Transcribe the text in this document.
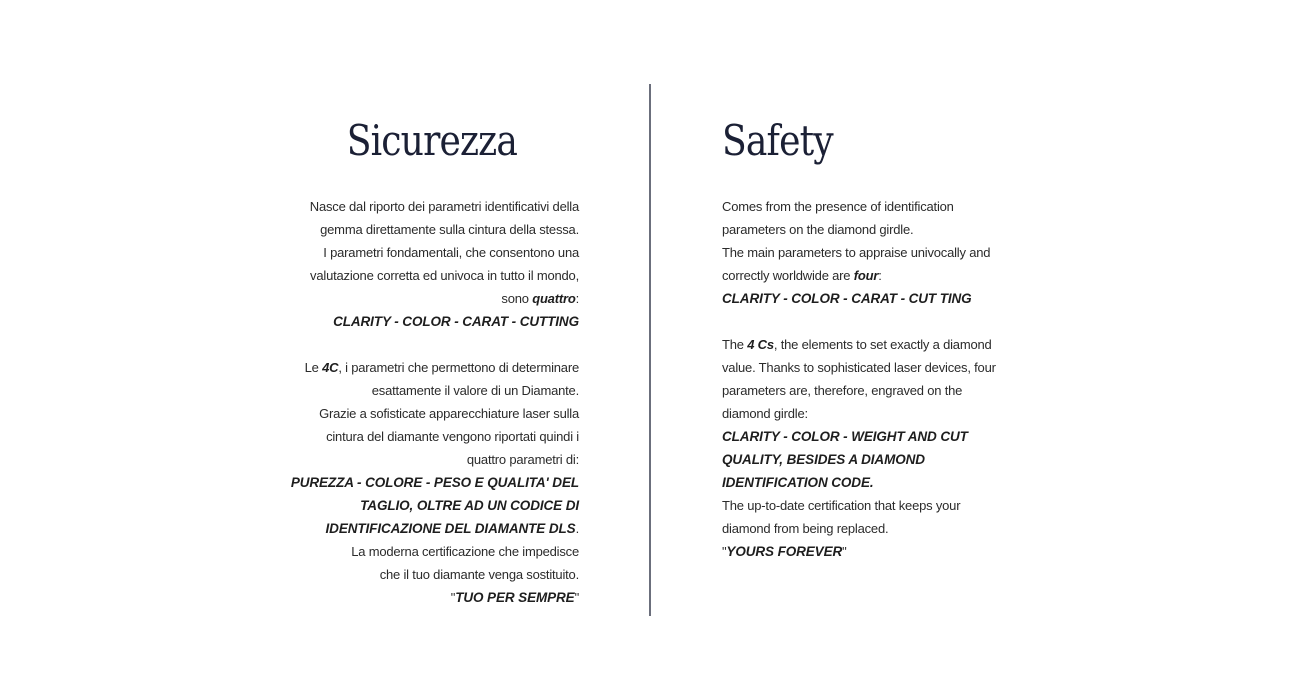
Sicurezza
Nasce dal riporto dei parametri identificativi della
gemma direttamente sulla cintura della stessa.
I parametri fondamentali, che consentono una
valutazione corretta ed univoca in tutto il mondo,
sono quattro:
CLARITY - COLOR - CARAT - CUTTING
Le 4C, i parametri che permettono di determinare
esattamente il valore di un Diamante.
Grazie a sofisticate apparecchiature laser sulla
cintura del diamante vengono riportati quindi i
quattro parametri di:
PUREZZA - COLORE - PESO E QUALITA' DEL
TAGLIO, OLTRE AD UN CODICE DI
IDENTIFICAZIONE DEL DIAMANTE DLS.
La moderna certificazione che impedisce
che il tuo diamante venga sostituito.
"TUO PER SEMPRE"
Safety
Comes from the presence of identification
parameters on the diamond girdle.
The main parameters to appraise univocally and
correctly worldwide are four:
CLARITY - COLOR - CARAT - CUT TING
The 4 Cs, the elements to set exactly a diamond
value. Thanks to sophisticated laser devices, four
parameters are, therefore, engraved on the
diamond girdle:
CLARITY - COLOR - WEIGHT AND CUT
QUALITY, BESIDES A DIAMOND
IDENTIFICATION CODE.
The up-to-date certification that keeps your
diamond from being replaced.
"YOURS FOREVER"
